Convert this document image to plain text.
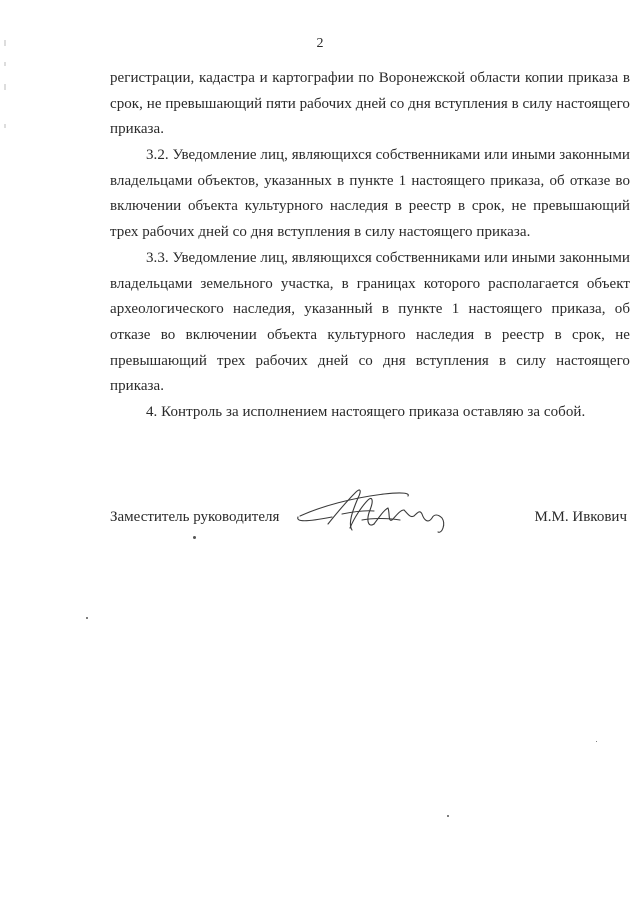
2

регистрации, кадастра и картографии по Воронежской области копии приказа в срок, не превышающий пяти рабочих дней со дня вступления в силу настоящего приказа.

3.2. Уведомление лиц, являющихся собственниками или иными законными владельцами объектов, указанных в пункте 1 настоящего приказа, об отказе во включении объекта культурного наследия в реестр в срок, не превышающий трех рабочих дней со дня вступления в силу настоящего приказа.

3.3. Уведомление лиц, являющихся собственниками или иными законными владельцами земельного участка, в границах которого располагается объект археологического наследия, указанный в пункте 1 настоящего приказа, об отказе во включении объекта культурного наследия в реестр в срок, не превышающий трех рабочих дней со дня вступления в силу настоящего приказа.

4. Контроль за исполнением настоящего приказа оставляю за собой.

Заместитель руководителя	М.М. Ивкович
